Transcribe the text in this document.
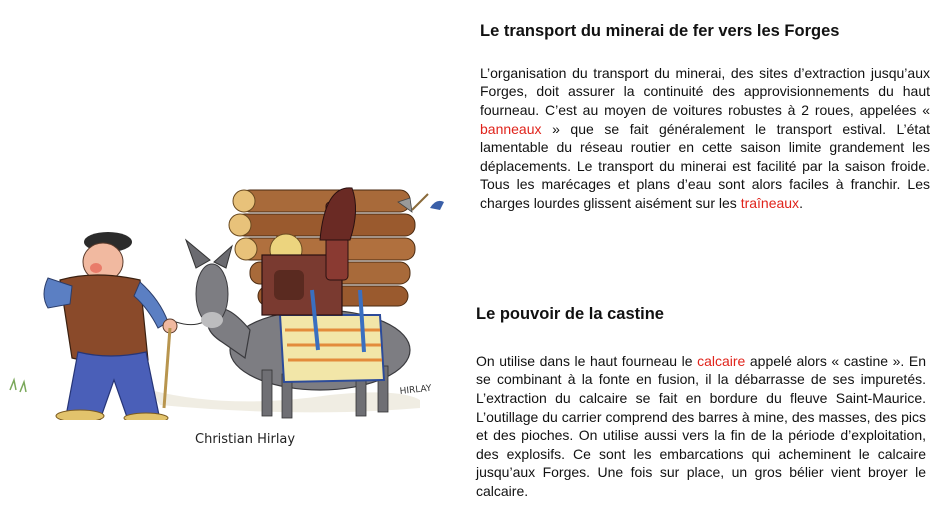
HIRLAY
Christian Hirlay
Le transport du minerai de fer vers les Forges

L’organisation du transport du minerai, des sites d’extraction jusqu’aux Forges, doit assurer la continuité des approvisionnements du haut fourneau. C’est au moyen de voitures robustes à 2 roues, appelées « banneaux » que se fait généralement le transport estival. L’état lamentable du réseau routier en cette saison limite grandement les déplacements. Le transport du minerai est facilité par la saison froide. Tous les marécages et plans d’eau sont alors faciles à franchir. Les charges lourdes glissent aisément sur les traîneaux.

Le pouvoir de la castine

On utilise dans le haut fourneau le calcaire appelé alors « castine ». En se combinant à la fonte en fusion, il la débarrasse de ses impuretés. L’extraction du calcaire se fait en bordure du fleuve Saint-Maurice. L’outillage du carrier comprend des barres à mine, des masses, des pics et des pioches. On utilise aussi vers la fin de la période d’exploitation, des explosifs. Ce sont les embarcations qui acheminent le calcaire jusqu’aux Forges. Une fois sur place, un gros bélier vient broyer le calcaire.
